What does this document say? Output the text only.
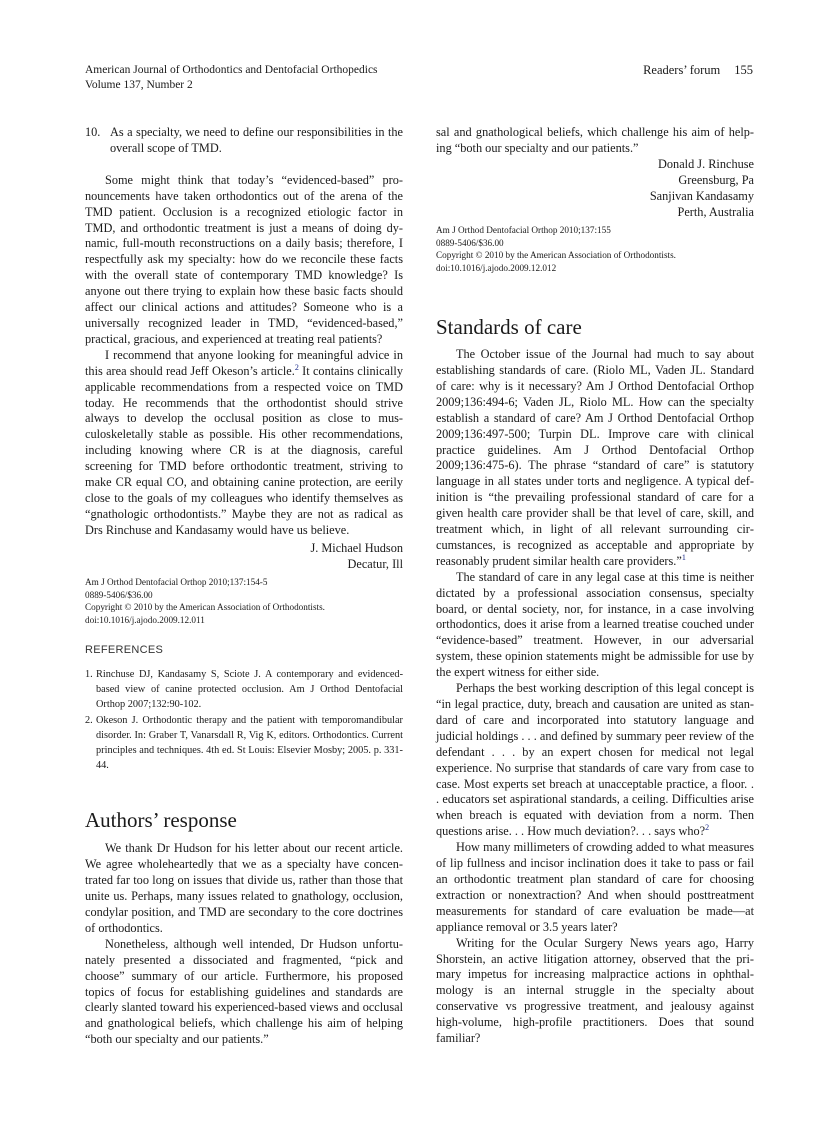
American Journal of Orthodontics and Dentofacial Orthopedics
Volume 137, Number 2
Readers’ forum 155
10. As a specialty, we need to define our responsibilities in the overall scope of TMD.

Some might think that today’s “evidenced-based” pronouncements have taken orthodontics out of the arena of the TMD patient. Occlusion is a recognized etiologic factor in TMD, and orthodontic treatment is just a means of doing dynamic, full-mouth reconstructions on a daily basis; therefore, I respectfully ask my specialty: how do we reconcile these facts with the overall state of contemporary TMD knowledge? Is anyone out there trying to explain how these basic facts should affect our clinical actions and attitudes? Someone who is a universally recognized leader in TMD, “evidenced-based,” practical, gracious, and experienced at treating real patients?

I recommend that anyone looking for meaningful advice in this area should read Jeff Okeson’s article.$^2$ It contains clinically applicable recommendations from a respected voice on TMD today. He recommends that the orthodontist should strive always to develop the occlusal position as close to musculoskeletally stable as possible. His other recommendations, including knowing where CR is at the diagnosis, careful screening for TMD before orthodontic treatment, striving to make CR equal CO, and obtaining canine protection, are eerily close to the goals of my colleagues who identify themselves as “gnathologic orthodontists.” Maybe they are not as radical as Drs Rinchuse and Kandasamy would have us believe.

J. Michael Hudson
Decatur, Ill
Am J Orthod Dentofacial Orthop 2010;137:154-5
0889-5406/$36.00
Copyright © 2010 by the American Association of Orthodontists.
doi:10.1016/j.ajodo.2009.12.011
REFERENCES
1. Rinchuse DJ, Kandasamy S, Sciote J. A contemporary and evidenced-based view of canine protected occlusion. Am J Orthod Dentofacial Orthop 2007;132:90-102.
2. Okeson J. Orthodontic therapy and the patient with temporomandibular disorder. In: Graber T, Vanarsdall R, Vig K, editors. Orthodontics. Current principles and techniques. 4th ed. St Louis: Elsevier Mosby; 2005. p. 331-44.
Authors’ response

We thank Dr Hudson for his letter about our recent article. We agree wholeheartedly that we as a specialty have concentrated far too long on issues that divide us, rather than those that unite us. Perhaps, many issues related to gnathology, occlusion, condylar position, and TMD are secondary to the core doctrines of orthodontics.

Nonetheless, although well intended, Dr Hudson unfortunately presented a dissociated and fragmented, “pick and choose” summary of our article. Furthermore, his proposed topics of focus for establishing guidelines and standards are clearly slanted toward his experienced-based views and occlusal and gnathological beliefs, which challenge his aim of helping “both our specialty and our patients.”

sal and gnathological beliefs, which challenge his aim of helping “both our specialty and our patients.”

Donald J. Rinchuse
Greensburg, Pa
Sanjivan Kandasamy
Perth, Australia
Am J Orthod Dentofacial Orthop 2010;137:155
0889-5406/$36.00
Copyright © 2010 by the American Association of Orthodontists.
doi:10.1016/j.ajodo.2009.12.012
Standards of care

The October issue of the Journal had much to say about establishing standards of care. (Riolo ML, Vaden JL. Standard of care: why is it necessary? Am J Orthod Dentofacial Orthop 2009;136:494-6; Vaden JL, Riolo ML. How can the specialty establish a standard of care? Am J Orthod Dentofacial Orthop 2009;136:497-500; Turpin DL. Improve care with clinical practice guidelines. Am J Orthod Dentofacial Orthop 2009;136:475-6). The phrase “standard of care” is statutory language in all states under torts and negligence. A typical definition is “the prevailing professional standard of care for a given health care provider shall be that level of care, skill, and treatment which, in light of all relevant surrounding circumstances, is recognized as acceptable and appropriate by reasonably prudent similar health care providers.”$^1$

The standard of care in any legal case at this time is neither dictated by a professional association consensus, specialty board, or dental society, nor, for instance, in a case involving orthodontics, does it arise from a learned treatise couched under “evidence-based” treatment. However, in our adversarial system, these opinion statements might be admissible for use by the expert witness for either side.

Perhaps the best working description of this legal concept is “in legal practice, duty, breach and causation are united as standard of care and incorporated into statutory language and judicial holdings . . . and defined by summary peer review of the defendant . . . by an expert chosen for medical not legal experience. No surprise that standards of care vary from case to case. Most experts set breach at unacceptable practice, a floor. . . educators set aspirational standards, a ceiling. Difficulties arise when breach is equated with deviation from a norm. Then questions arise. . . How much deviation?. . . says who?$^2$

How many millimeters of crowding added to what measures of lip fullness and incisor inclination does it take to pass or fail an orthodontic treatment plan standard of care for choosing extraction or nonextraction? And when should posttreatment measurements for standard of care evaluation be made—at appliance removal or 3.5 years later?

Writing for the Ocular Surgery News years ago, Harry Shorstein, an active litigation attorney, observed that the primary impetus for increasing malpractice actions in ophthalmology is an internal struggle in the specialty about conservative vs progressive treatment, and jealousy against high-volume, high-profile practitioners. Does that sound familiar?
